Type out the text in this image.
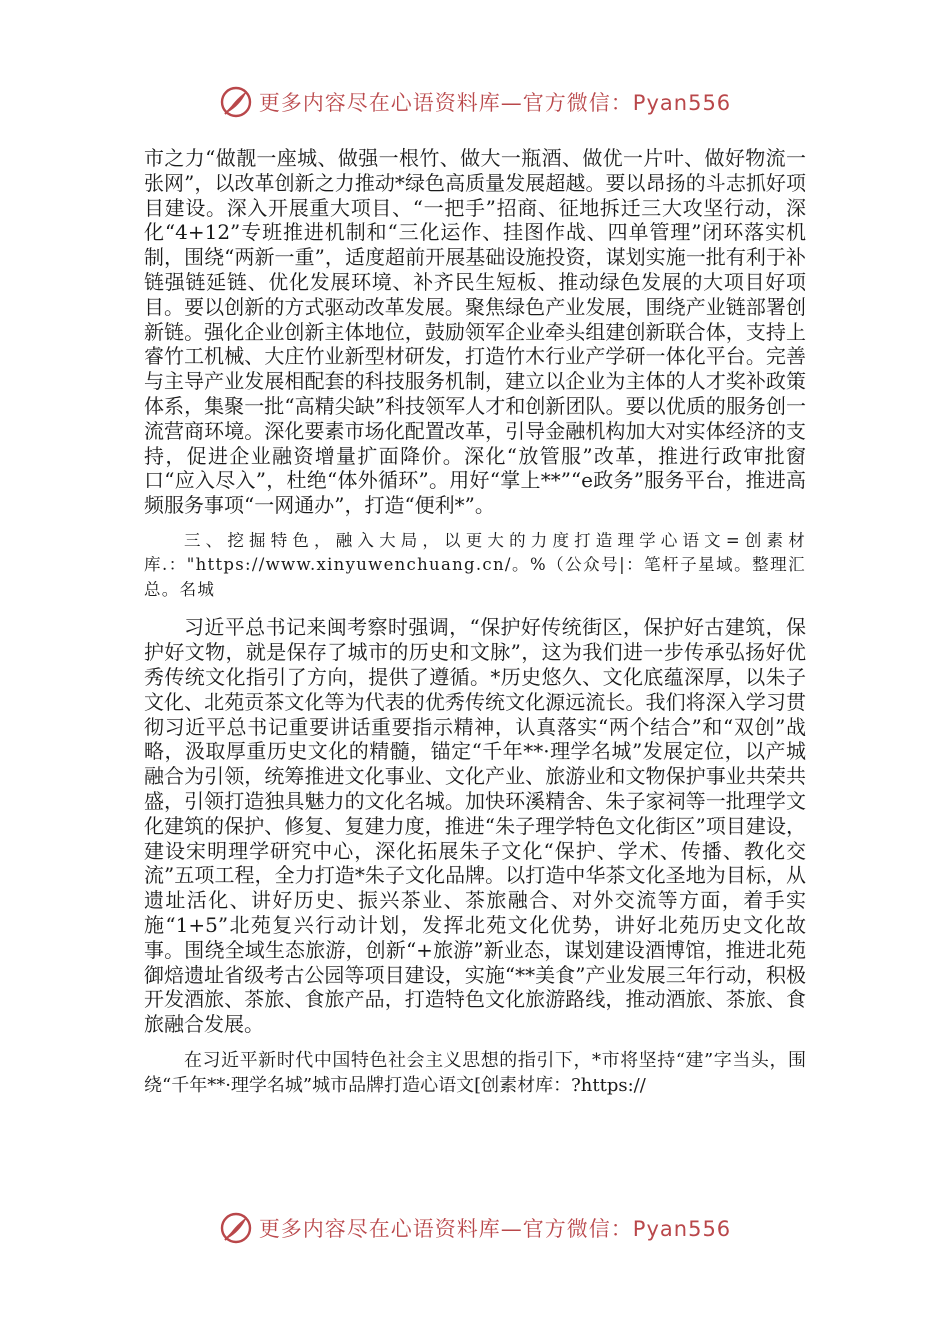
更多内容尽在心语资料库—官方微信：Pyan556

市之力“做靓一座城、做强一根竹、做大一瓶酒、做优一片叶、做好物流一张网”，以改革创新之力推动*绿色高质量发展超越。要以昂扬的斗志抓好项目建设。深入开展重大项目、“一把手”招商、征地拆迁三大攻坚行动，深化“4+12”专班推进机制和“三化运作、挂图作战、四单管理”闭环落实机制，围绕“两新一重”，适度超前开展基础设施投资，谋划实施一批有利于补链强链延链、优化发展环境、补齐民生短板、推动绿色发展的大项目好项目。要以创新的方式驱动改革发展。聚焦绿色产业发展，围绕产业链部署创新链。强化企业创新主体地位，鼓励领军企业牵头组建创新联合体，支持上睿竹工机械、大庄竹业新型材研发，打造竹木行业产学研一体化平台。完善与主导产业发展相配套的科技服务机制，建立以企业为主体的人才奖补政策体系，集聚一批“高精尖缺”科技领军人才和创新团队。要以优质的服务创一流营商环境。深化要素市场化配置改革，引导金融机构加大对实体经济的支持，促进企业融资增量扩面降价。深化“放管服”改革，推进行政审批窗口“应入尽入”，杜绝“体外循环”。用好“掌上**”“e政务”服务平台，推进高频服务事项“一网通办”，打造“便利*”。

三、挖掘特色，融入大局，以更大的力度打造理学心语文=创素材库.："https://www.xinyuwenchuang.cn/。%（公众号|：笔杆子星域。整理汇总。名城

习近平总书记来闽考察时强调，“保护好传统街区，保护好古建筑，保护好文物，就是保存了城市的历史和文脉”，这为我们进一步传承弘扬好优秀传统文化指引了方向，提供了遵循。*历史悠久、文化底蕴深厚，以朱子文化、北苑贡茶文化等为代表的优秀传统文化源远流长。我们将深入学习贯彻习近平总书记重要讲话重要指示精神，认真落实“两个结合”和“双创”战略，汲取厚重历史文化的精髓，锚定“千年**·理学名城”发展定位，以产城融合为引领，统筹推进文化事业、文化产业、旅游业和文物保护事业共荣共盛，引领打造独具魅力的文化名城。加快环溪精舍、朱子家祠等一批理学文化建筑的保护、修复、复建力度，推进“朱子理学特色文化街区”项目建设，建设宋明理学研究中心，深化拓展朱子文化“保护、学术、传播、教化交流”五项工程，全力打造*朱子文化品牌。以打造中华茶文化圣地为目标，从遗址活化、讲好历史、振兴茶业、茶旅融合、对外交流等方面，着手实施“1+5”北苑复兴行动计划，发挥北苑文化优势，讲好北苑历史文化故事。围绕全域生态旅游，创新“+旅游”新业态，谋划建设酒博馆，推进北苑御焙遗址省级考古公园等项目建设，实施“**美食”产业发展三年行动，积极开发酒旅、茶旅、食旅产品，打造特色文化旅游路线，推动酒旅、茶旅、食旅融合发展。

在习近平新时代中国特色社会主义思想的指引下，*市将坚持“建”字当头，围绕“千年**·理学名城”城市品牌打造心语文[创素材库：?https://

更多内容尽在心语资料库—官方微信：Pyan556
